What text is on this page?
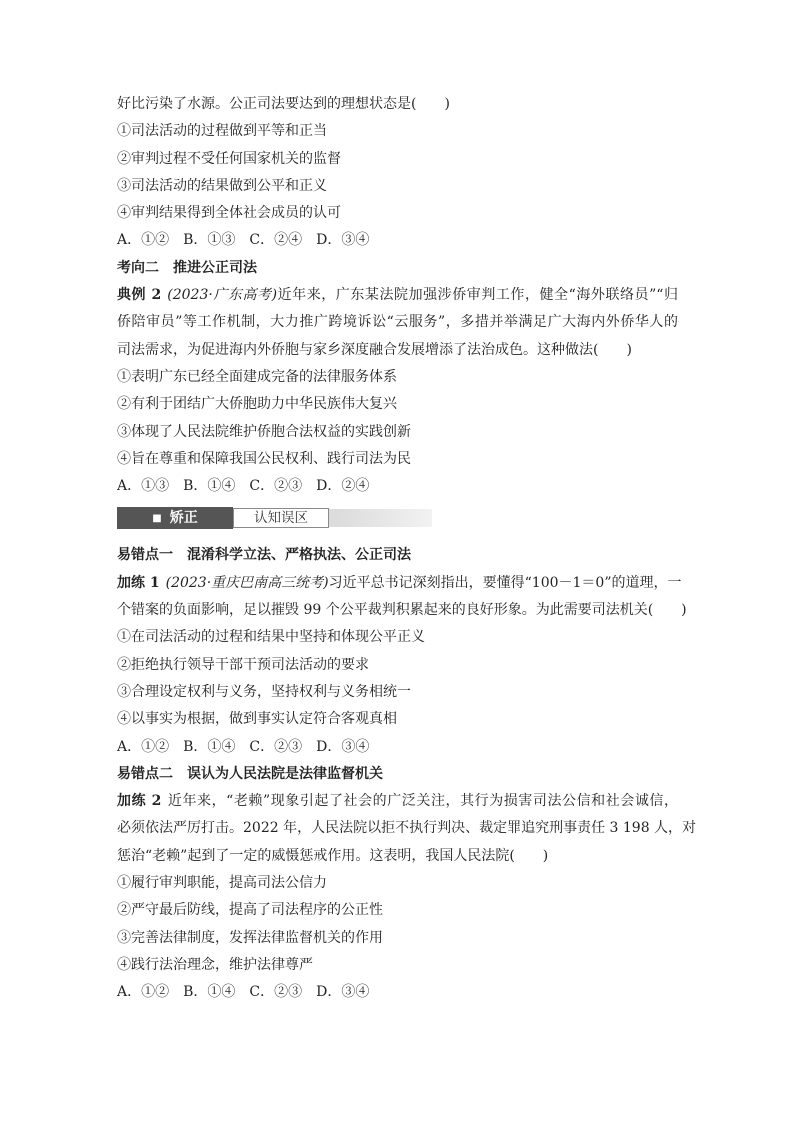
好比污染了水源。公正司法要达到的理想状态是(　　)
①司法活动的过程做到平等和正当
②审判过程不受任何国家机关的监督
③司法活动的结果做到公平和正义
④审判结果得到全体社会成员的认可
A．①②　B．①③　C．②④　D．③④
考向二　推进公正司法
典例 2 (2023·广东高考)近年来，广东某法院加强涉侨审判工作，健全“海外联络员”“归
侨陪审员”等工作机制，大力推广跨境诉讼“云服务”，多措并举满足广大海内外侨华人的
司法需求，为促进海内外侨胞与家乡深度融合发展增添了法治成色。这种做法(　　)
①表明广东已经全面建成完备的法律服务体系
②有利于团结广大侨胞助力中华民族伟大复兴
③体现了人民法院维护侨胞合法权益的实践创新
④旨在尊重和保障我国公民权利、践行司法为民
A．①③　B．①④　C．②③　D．②④
■ 矫正	认知误区
易错点一　混淆科学立法、严格执法、公正司法
加练 1 (2023·重庆巴南高三统考)习近平总书记深刻指出，要懂得“100－1＝0”的道理，一
个错案的负面影响，足以摧毁 99 个公平裁判积累起来的良好形象。为此需要司法机关(　　)
①在司法活动的过程和结果中坚持和体现公平正义
②拒绝执行领导干部干预司法活动的要求
③合理设定权利与义务，坚持权利与义务相统一
④以事实为根据，做到事实认定符合客观真相
A．①②　B．①④　C．②③　D．③④
易错点二　误认为人民法院是法律监督机关
加练 2 近年来，“老赖”现象引起了社会的广泛关注，其行为损害司法公信和社会诚信，
必须依法严厉打击。2022 年，人民法院以拒不执行判决、裁定罪追究刑事责任 3 198 人，对
惩治“老赖”起到了一定的威慑惩戒作用。这表明，我国人民法院(　　)
①履行审判职能，提高司法公信力
②严守最后防线，提高了司法程序的公正性
③完善法律制度，发挥法律监督机关的作用
④践行法治理念，维护法律尊严
A．①②　B．①④　C．②③　D．③④
